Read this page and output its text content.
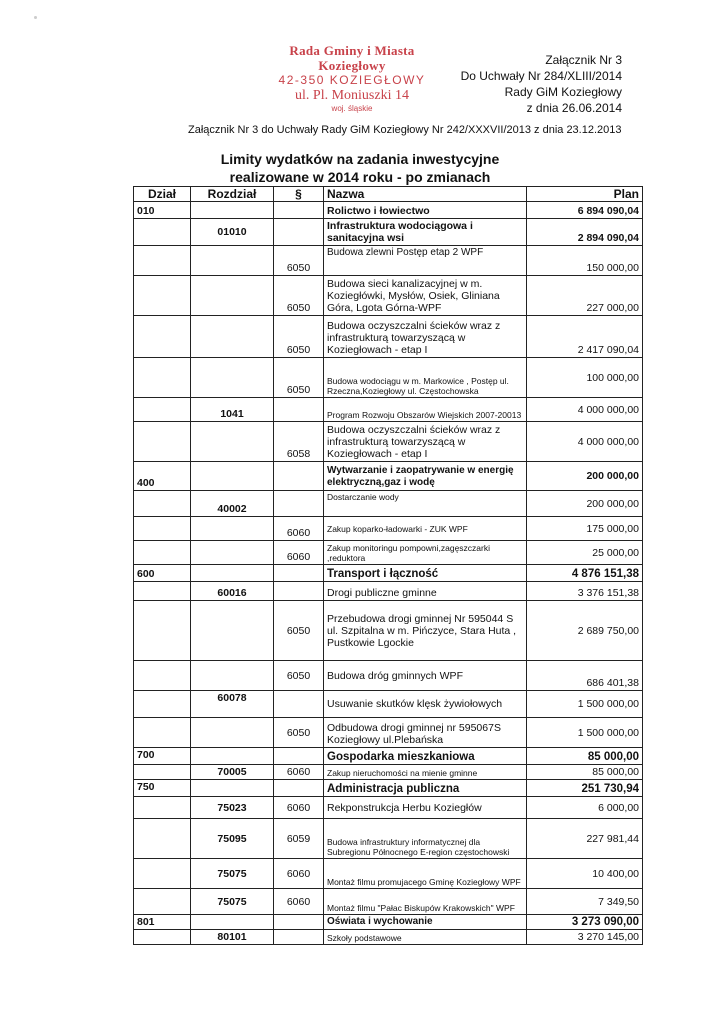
Rada Gminy i Miasta Koziegłowy
42-350 KOZIEGŁOWY
ul. Pl. Moniuszki 14
woj. śląskie
Załącznik Nr 3
Do Uchwały Nr 284/XLIII/2014
Rady GiM Koziegłowy
z dnia 26.06.2014
Załącznik Nr 3 do Uchwały Rady GiM Koziegłowy Nr 242/XXXVII/2013 z dnia 23.12.2013
Limity wydatków na zadania inwestycyjne
realizowane w 2014 roku - po zmianach
Dział	Rozdział	§	Nazwa	Plan
010			Rolictwo i łowiectwo	6 894 090,04
	01010		Infrastruktura wodociągowa i sanitacyjna wsi	2 894 090,04
		6050	Budowa zlewni Postęp etap 2 WPF	150 000,00
		6050	Budowa sieci kanalizacyjnej w m. Koziegłówki, Mysłów, Osiek, Gliniana Góra, Lgota Górna-WPF	227 000,00
		6050	Budowa oczyszczalni ścieków wraz z infrastrukturą towarzyszącą w Koziegłowach - etap I	2 417 090,04
		6050	Budowa wodociągu w m. Markowice , Postęp ul. Rzeczna,Koziegłowy ul. Częstochowska	100 000,00
	1041		Program Rozwoju Obszarów Wiejskich 2007-20013	4 000 000,00
		6058	Budowa oczyszczalni ścieków wraz z infrastrukturą towarzyszącą w Koziegłowach - etap I	4 000 000,00
400			Wytwarzanie i zaopatrywanie w energię elektryczną,gaz i wodę	200 000,00
	40002		Dostarczanie wody	200 000,00
		6060	Zakup koparko-ładowarki - ZUK WPF	175 000,00
		6060	Zakup monitoringu pompowni,zagęszczarki ,reduktora	25 000,00
600			Transport i łączność	4 876 151,38
	60016		Drogi publiczne gminne	3 376 151,38
		6050	Przebudowa drogi gminnej Nr 595044 S ul. Szpitalna w m. Pińczyce, Stara Huta , Pustkowie Lgockie	2 689 750,00
		6050	Budowa dróg gminnych WPF	686 401,38
	60078		Usuwanie skutków klęsk żywiołowych	1 500 000,00
		6050	Odbudowa drogi gminnej nr 595067S Koziegłowy ul.Plebańska	1 500 000,00
700			Gospodarka mieszkaniowa	85 000,00
	70005	6060	Zakup nieruchomości na mienie gminne	85 000,00
750			Administracja publiczna	251 730,94
	75023	6060	Rekponstrukcja Herbu Koziegłów	6 000,00
	75095	6059	Budowa infrastruktury informatycznej dla Subregionu Północnego E-region częstochowski	227 981,44
	75075	6060	Montaż filmu promujacego Gminę Koziegłowy WPF	10 400,00
	75075	6060	Montaż filmu "Pałac Biskupów Krakowskich" WPF	7 349,50
801			Oświata i wychowanie	3 273 090,00
	80101		Szkoły podstawowe	3 270 145,00
